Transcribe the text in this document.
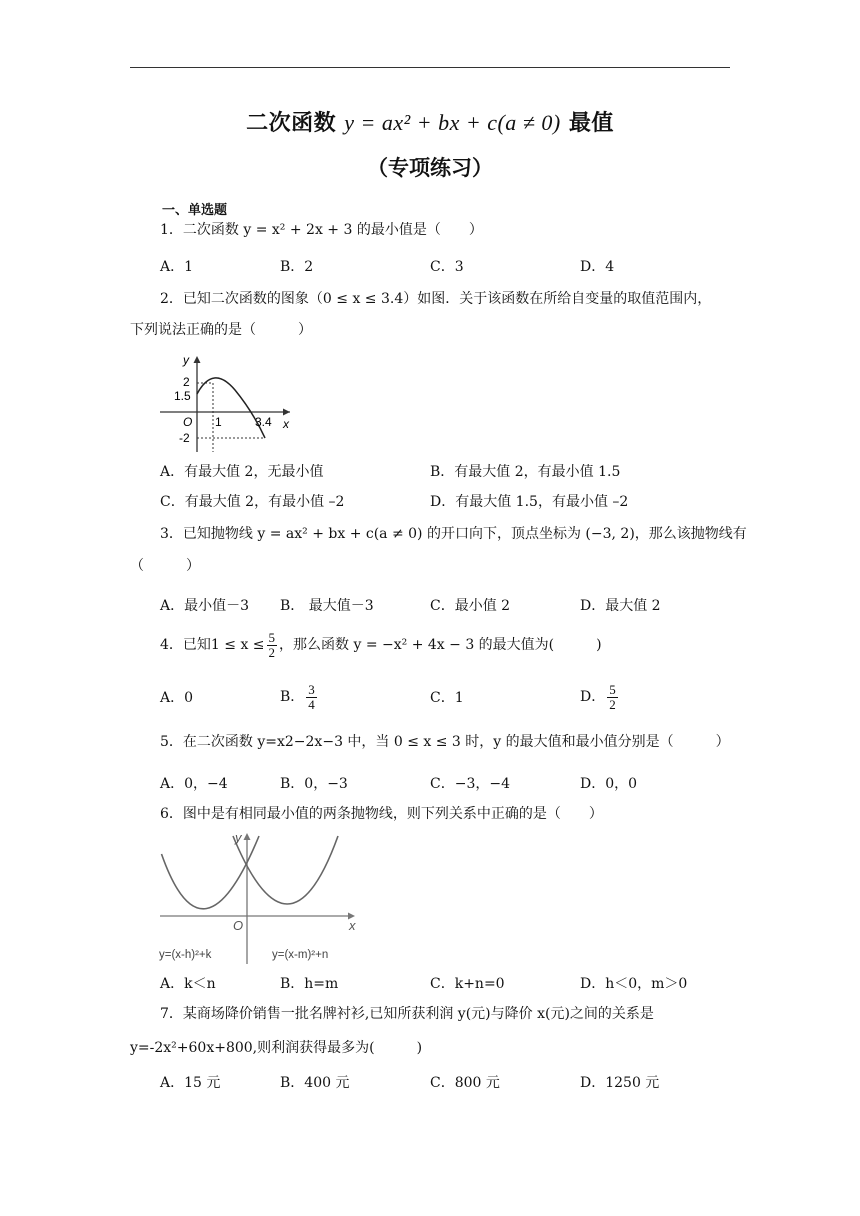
二次函数 y = ax² + bx + c(a ≠ 0) 最值
（专项练习）
一、单选题
1．二次函数 y = x² + 2x + 3 的最小值是（　　）
A．1	B．2	C．3	D．4
2．已知二次函数的图象（0 ≤ x ≤ 3.4）如图．关于该函数在所给自变量的取值范围内，
下列说法正确的是（　　　）
y
2
1.5
O 1	3.4 x
-2
A．有最大值 2，无最小值	B．有最大值 2，有最小值 1.5
C．有最大值 2，有最小值 –2	D．有最大值 1.5，有最小值 –2
3．已知抛物线 y = ax² + bx + c(a ≠ 0) 的开口向下，顶点坐标为 (−3, 2)，那么该抛物线有
（　　　）
A．最小值－3 B． 最大值－3	C．最小值 2	D．最大值 2
4．已知$1 \le x \le \frac{5}{2}$ ，那么函数 y = −x² + 4x − 3 的最大值为(　　　)
A．0	B． $\frac{3}{4}$	C．1	D． $\frac{5}{2}$
5．在二次函数 y=x2−2x−3 中，当 0 ≤ x ≤ 3 时，y 的最大值和最小值分别是（　　　）
A．0，−4	B．0，−3	C．−3，−4	D．0，0
6．图中是有相同最小值的两条抛物线，则下列关系中正确的是（　　）
y
O	x
y=(x-h)²+k	y=(x-m)²+n
A．k＜n	B．h=m	C．k+n=0	D．h＜0，m＞0
7．某商场降价销售一批名牌衬衫,已知所获利润 y(元)与降价 x(元)之间的关系是
y=-2x²+60x+800,则利润获得最多为(　　　)
A．15 元	B．400 元	C．800 元	D．1250 元
